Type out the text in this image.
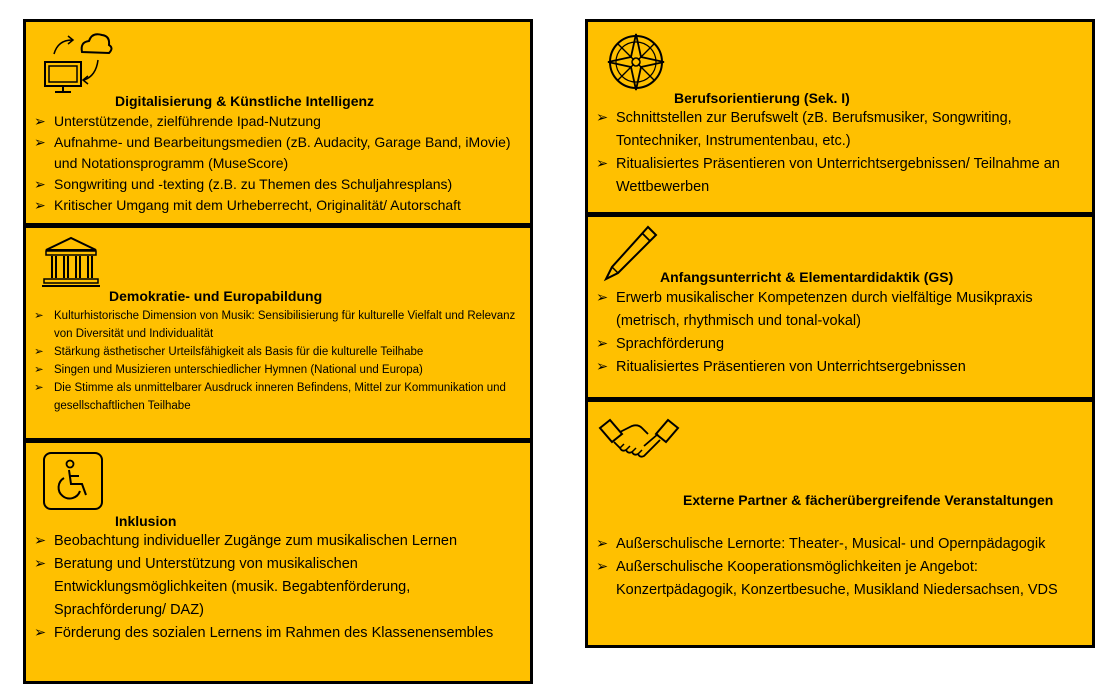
Digitalisierung & Künstliche Intelligenz
➢ Unterstützende, zielführende Ipad-Nutzung
➢ Aufnahme- und Bearbeitungsmedien (zB. Audacity, Garage Band, iMovie) und Notationsprogramm (MuseScore)
➢ Songwriting und -texting (z.B. zu Themen des Schuljahresplans)
➢ Kritischer Umgang mit dem Urheberrecht, Originalität/ Autorschaft
Demokratie- und Europabildung
➢ Kulturhistorische Dimension von Musik: Sensibilisierung für kulturelle Vielfalt und Relevanz von Diversität und Individualität
➢ Stärkung ästhetischer Urteilsfähigkeit als Basis für die kulturelle Teilhabe
➢ Singen und Musizieren unterschiedlicher Hymnen (National und Europa)
➢ Die Stimme als unmittelbarer Ausdruck inneren Befindens, Mittel zur Kommunikation und gesellschaftlichen Teilhabe
Inklusion
➢ Beobachtung individueller Zugänge zum musikalischen Lernen
➢ Beratung und Unterstützung von musikalischen Entwicklungsmöglichkeiten (musik. Begabtenförderung, Sprachförderung/ DAZ)
➢ Förderung des sozialen Lernens im Rahmen des Klassenensembles
Berufsorientierung (Sek. I)
➢ Schnittstellen zur Berufswelt (zB. Berufsmusiker, Songwriting, Tontechniker, Instrumentenbau, etc.)
➢ Ritualisiertes Präsentieren von Unterrichtsergebnissen/ Teilnahme an Wettbewerben
Anfangsunterricht & Elementardidaktik (GS)
➢ Erwerb musikalischer Kompetenzen durch vielfältige Musikpraxis (metrisch, rhythmisch und tonal-vokal)
➢ Sprachförderung
➢ Ritualisiertes Präsentieren von Unterrichtsergebnissen
Externe Partner & fächerübergreifende Veranstaltungen
➢ Außerschulische Lernorte: Theater-, Musical- und Opernpädagogik
➢ Außerschulische Kooperationsmöglichkeiten je Angebot: Konzertpädagogik, Konzertbesuche, Musikland Niedersachsen, VDS
